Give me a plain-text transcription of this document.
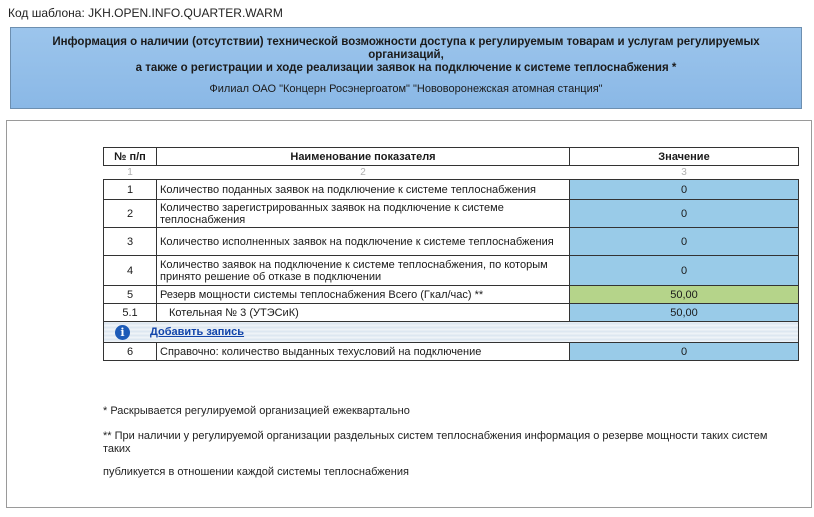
Код шаблона: JKH.OPEN.INFO.QUARTER.WARM
Информация о наличии (отсутствии) технической возможности доступа к регулируемым товарам и услугам регулируемых организаций,
а также о регистрации и ходе реализации заявок на подключение к системе теплоснабжения *
Филиал ОАО "Концерн Росэнергоатом" "Нововоронежская атомная станция"
№ п/п	Наименование показателя	Значение
1	2	3
1	Количество поданных заявок на подключение к системе теплоснабжения	0
2	Количество зарегистрированных заявок на подключение к системе теплоснабжения	0
3	Количество исполненных заявок на подключение к системе теплоснабжения	0
4	Количество заявок на подключение к системе теплоснабжения, по которым принято решение об отказе в подключении	0
5	Резерв мощности системы теплоснабжения Всего (Гкал/час) **	50,00
5.1	Котельная № 3 (УТЭСиК)	50,00

i Добавить запись		

6	Справочно: количество выданных техусловий на подключение	0

* Раскрывается регулируемой организацией ежеквартально

** При наличии у регулируемой организации раздельных систем теплоснабжения информация о резерве мощности таких систем таких

публикуется в отношении каждой системы теплоснабжения
